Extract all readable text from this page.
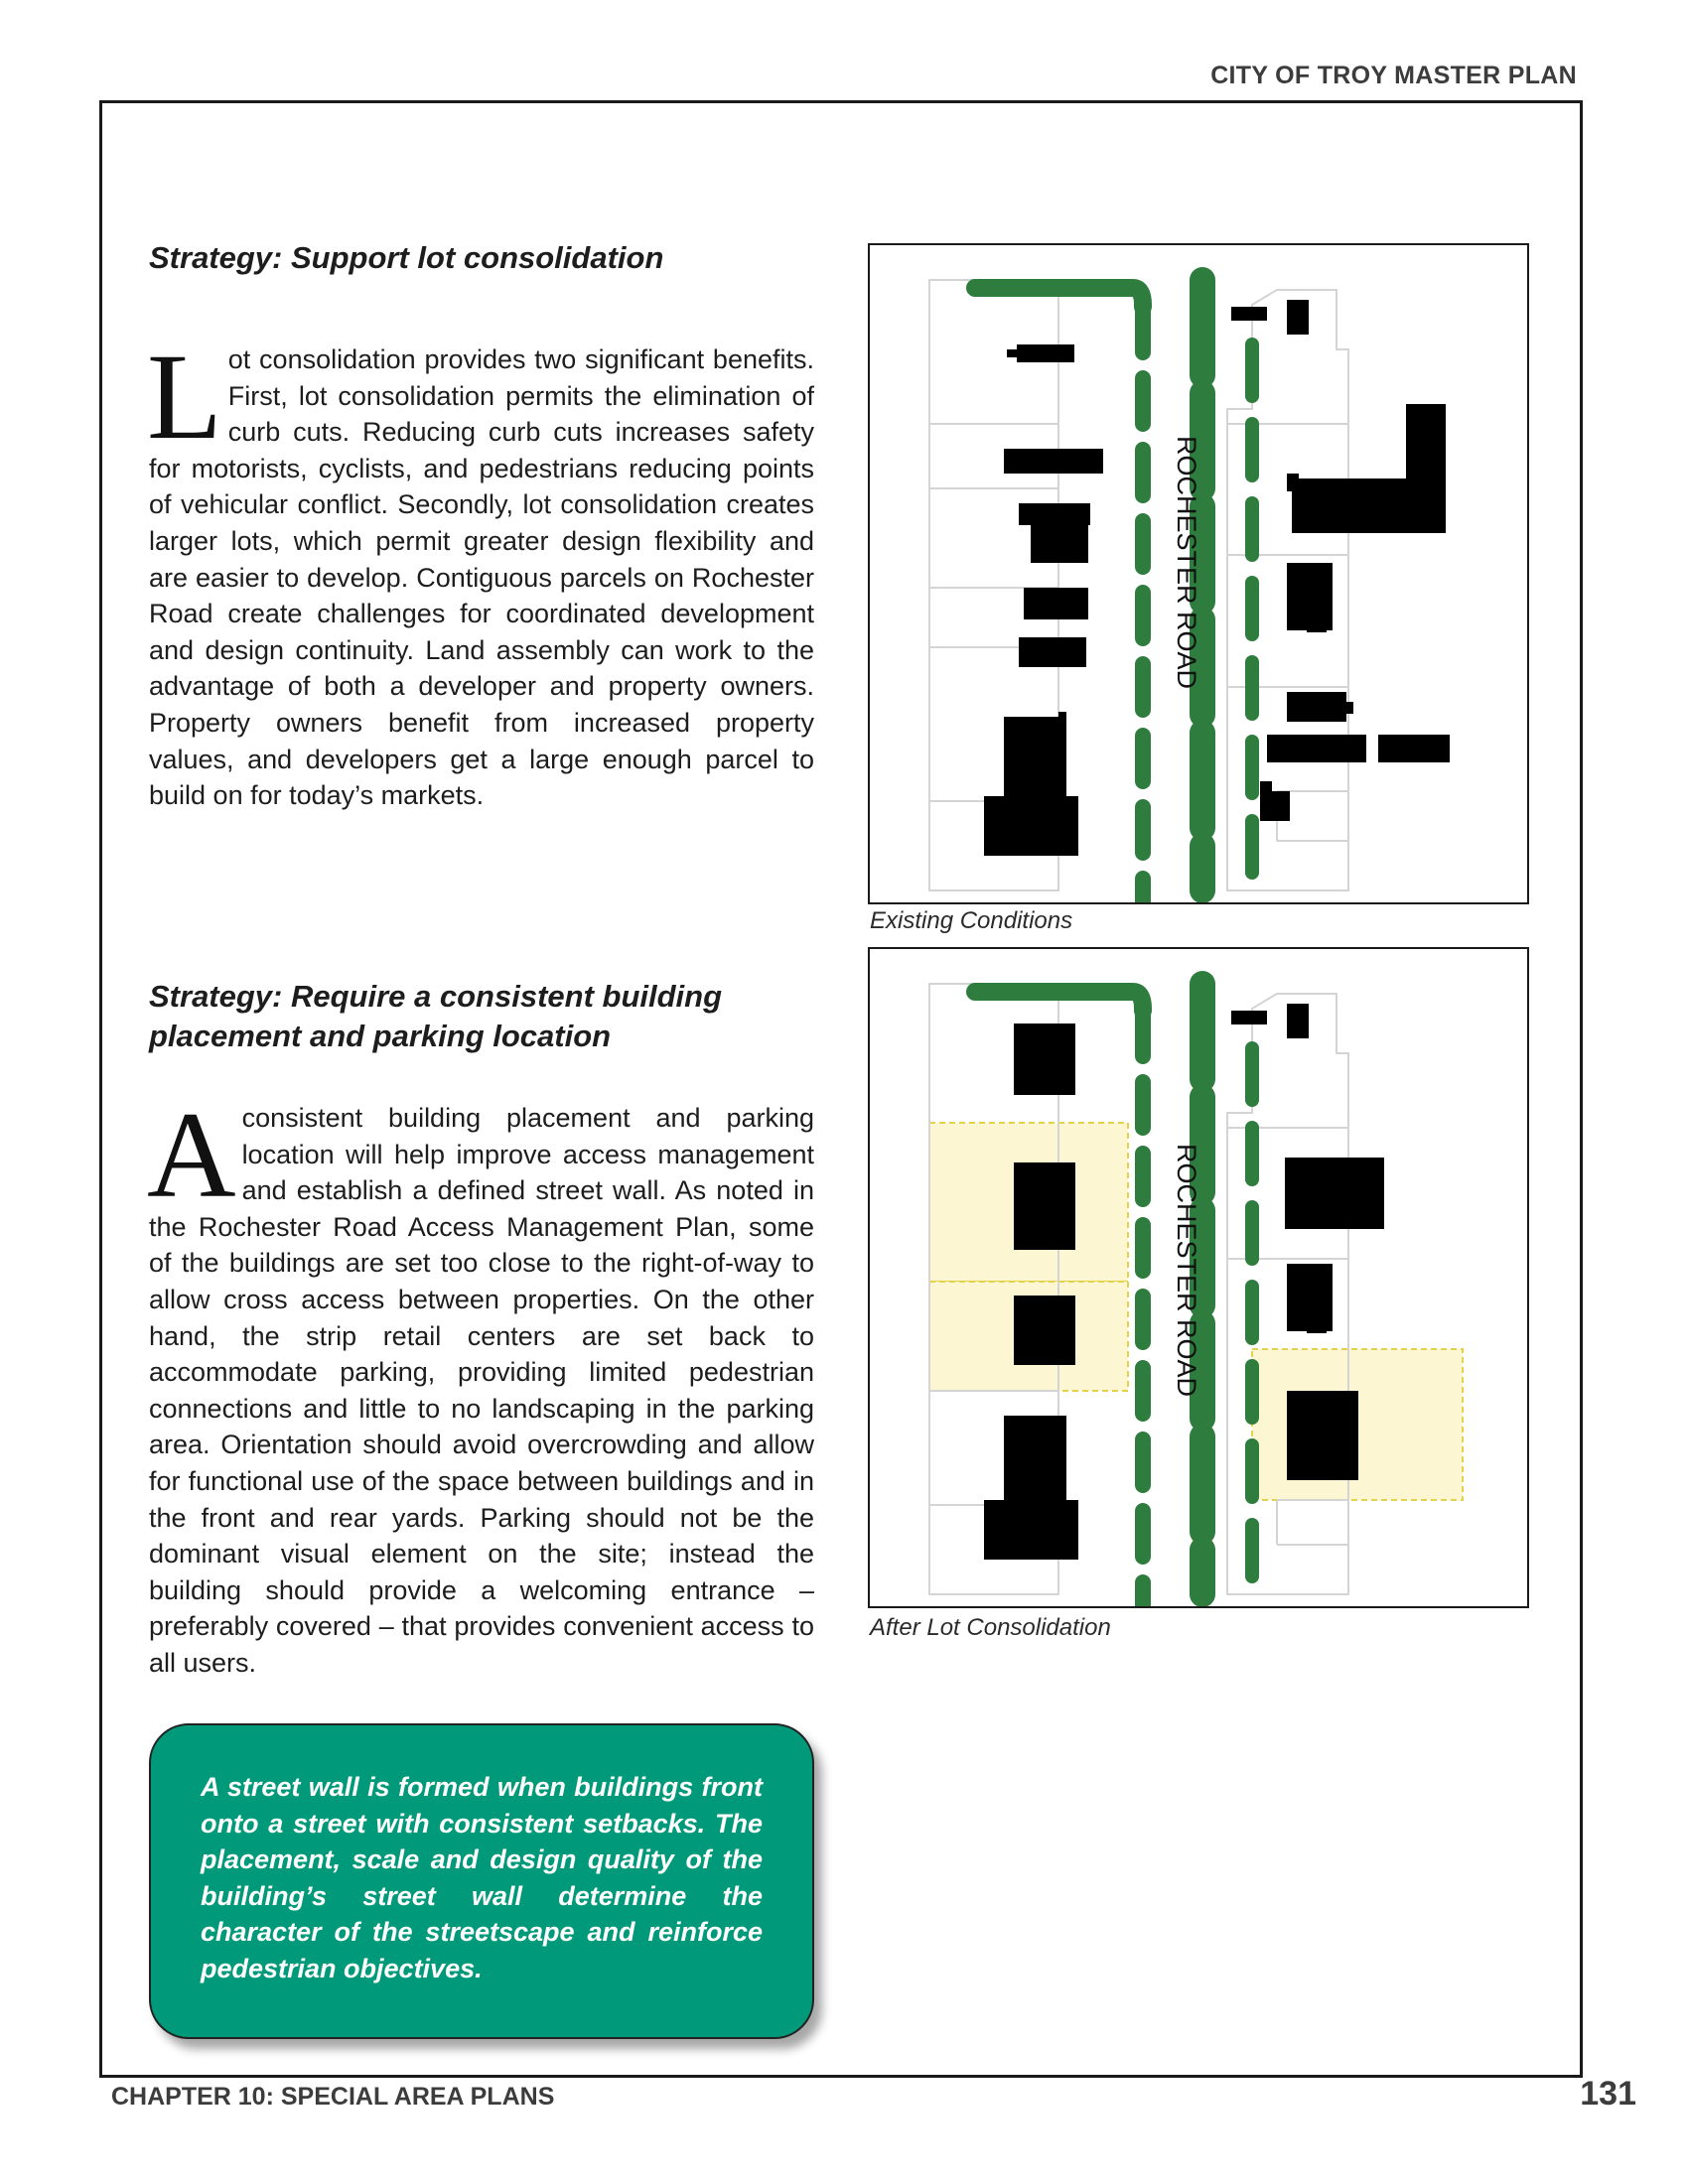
CITY OF TROY MASTER PLAN
Strategy: Support lot consolidation

Lot consolidation provides two significant benefits. First, lot consolidation permits the elimination of curb cuts. Reducing curb cuts increases safety for motorists, cyclists, and pedestrians reducing points of vehicular conflict. Secondly, lot consolidation creates larger lots, which permit greater design flexibility and are easier to develop. Contiguous parcels on Rochester Road create challenges for coordinated development and design continuity. Land assembly can work to the advantage of both a developer and property owners. Property owners benefit from increased property values, and developers get a large enough parcel to build on for today’s markets.

Strategy: Require a consistent building placement and parking location

Aconsistent building placement and parking location will help improve access management and establish a defined street wall. As noted in the Rochester Road Access Management Plan, some of the buildings are set too close to the right-of-way to allow cross access between properties. On the other hand, the strip retail centers are set back to accommodate parking, providing limited pedestrian connections and little to no landscaping in the parking area. Orientation should avoid overcrowding and allow for functional use of the space between buildings and in the front and rear yards. Parking should not be the dominant visual element on the site; instead the building should provide a welcoming entrance – preferably covered – that provides convenient access to all users.

A street wall is formed when buildings front onto a street with consistent setbacks. The placement, scale and design quality of the building’s street wall determine the character of the streetscape and reinforce pedestrian objectives.

ROCHESTER ROAD
Existing Conditions
ROCHESTER ROAD
After Lot Consolidation
CHAPTER 10: SPECIAL AREA PLANS	131
